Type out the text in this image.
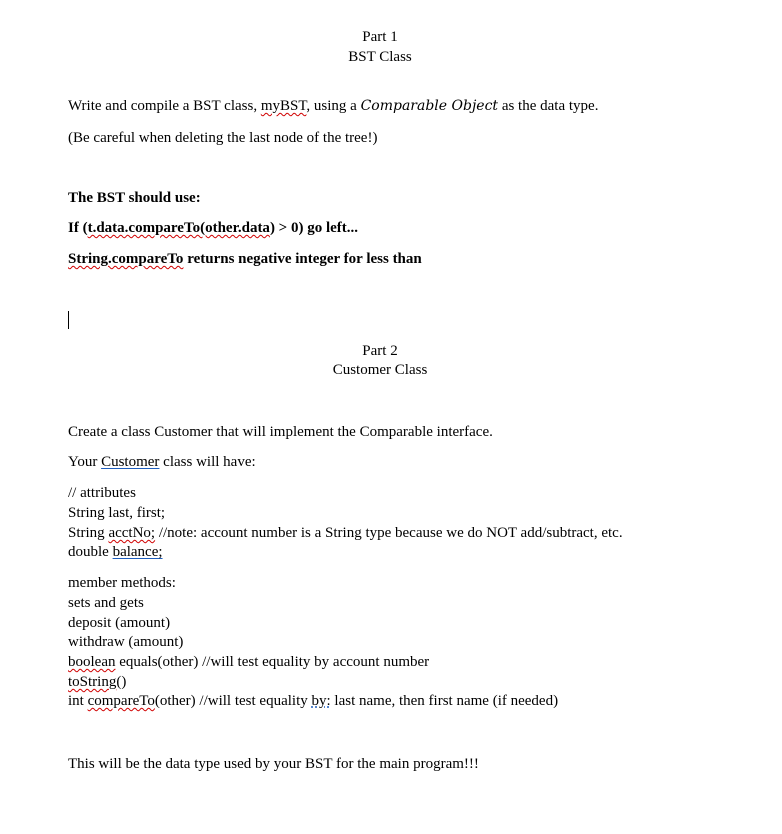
Part 1
BST Class
Write and compile a BST class, myBST, using a Comparable Object as the data type.
(Be careful when deleting the last node of the tree!)
The BST should use:
If (t.data.compareTo(other.data) > 0) go left...
String.compareTo returns negative integer for less than
Part 2
Customer Class
Create a class Customer that will implement the Comparable interface.
Your Customer class will have:
// attributes
String last, first;
String acctNo; //note: account number is a String type because we do NOT add/subtract, etc.
double balance;
member methods:
sets and gets
deposit (amount)
withdraw (amount)
boolean equals(other) //will test equality by account number
toString()
int compareTo(other) //will test equality by: last name, then first name (if needed)
This will be the data type used by your BST for the main program!!!
